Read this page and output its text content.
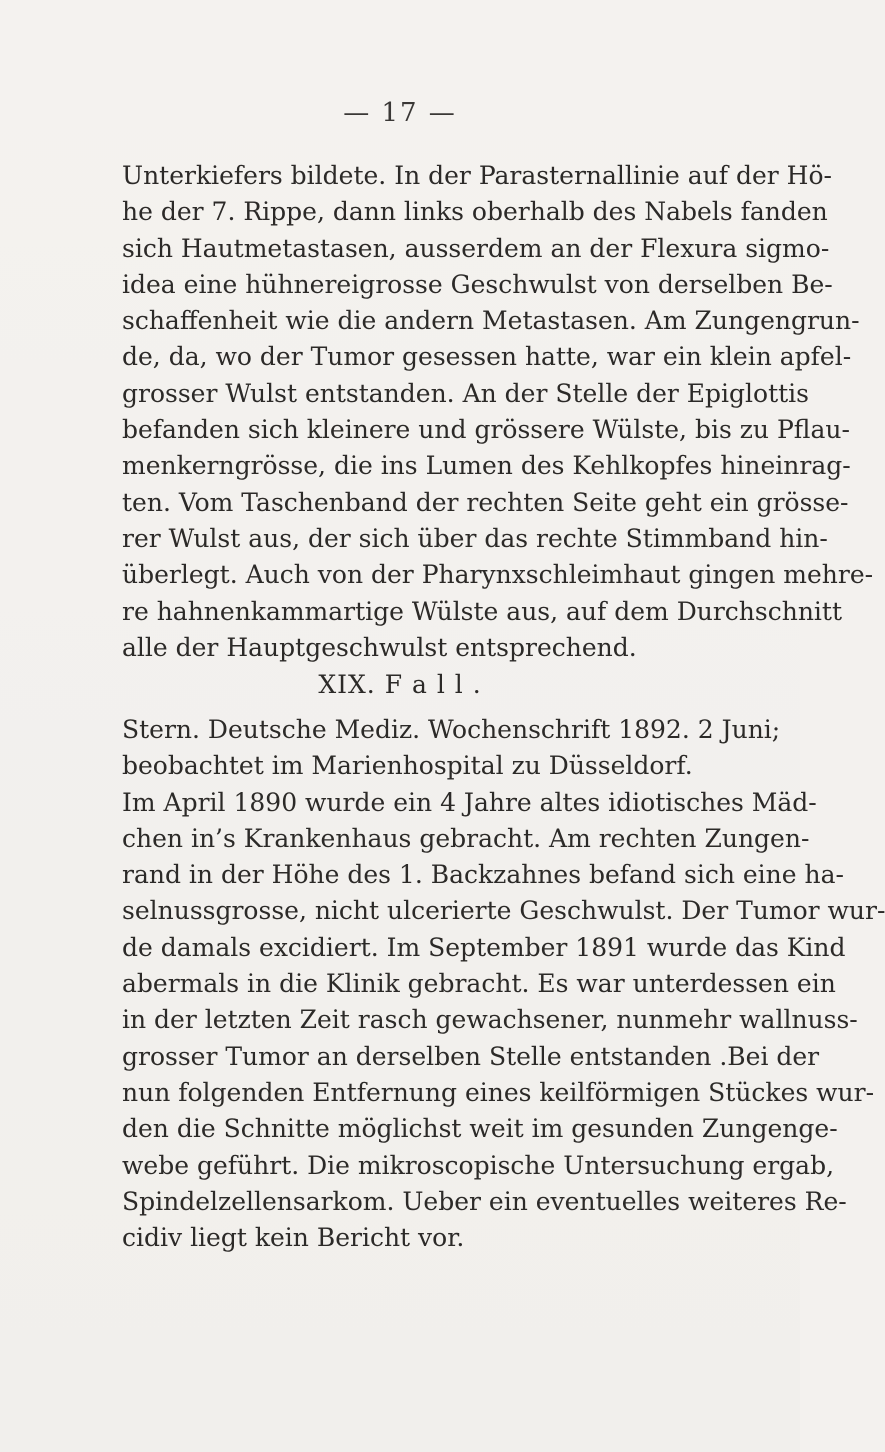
— 17 —
Unterkiefers bildete. In der Parasternallinie auf der Hö-
he der 7. Rippe, dann links oberhalb des Nabels fanden
sich Hautmetastasen, ausserdem an der Flexura sigmo-
idea eine hühnereigrosse Geschwulst von derselben Be-
schaffenheit wie die andern Metastasen. Am Zungengrun-
de, da, wo der Tumor gesessen hatte, war ein klein apfel-
grosser Wulst entstanden. An der Stelle der Epiglottis
befanden sich kleinere und grössere Wülste, bis zu Pflau-
menkerngrösse, die ins Lumen des Kehlkopfes hineinrag-
ten. Vom Taschenband der rechten Seite geht ein grösse-
rer Wulst aus, der sich über das rechte Stimmband hin-
überlegt. Auch von der Pharynxschleimhaut gingen mehre-
re hahnenkammartige Wülste aus, auf dem Durchschnitt
alle der Hauptgeschwulst entsprechend.
XIX. F a l l .
Stern. Deutsche Mediz. Wochenschrift 1892. 2 Juni;
beobachtet im Marienhospital zu Düsseldorf.
Im April 1890 wurde ein 4 Jahre altes idiotisches Mäd-
chen in’s Krankenhaus gebracht. Am rechten Zungen-
rand in der Höhe des 1. Backzahnes befand sich eine ha-
selnussgrosse, nicht ulcerierte Geschwulst. Der Tumor wur-
de damals excidiert. Im September 1891 wurde das Kind
abermals in die Klinik gebracht. Es war unterdessen ein
in der letzten Zeit rasch gewachsener, nunmehr wallnuss-
grosser Tumor an derselben Stelle entstanden .Bei der
nun folgenden Entfernung eines keilförmigen Stückes wur-
den die Schnitte möglichst weit im gesunden Zungenge-
webe geführt. Die mikroscopische Untersuchung ergab,
Spindelzellensarkom. Ueber ein eventuelles weiteres Re-
cidiv liegt kein Bericht vor.
